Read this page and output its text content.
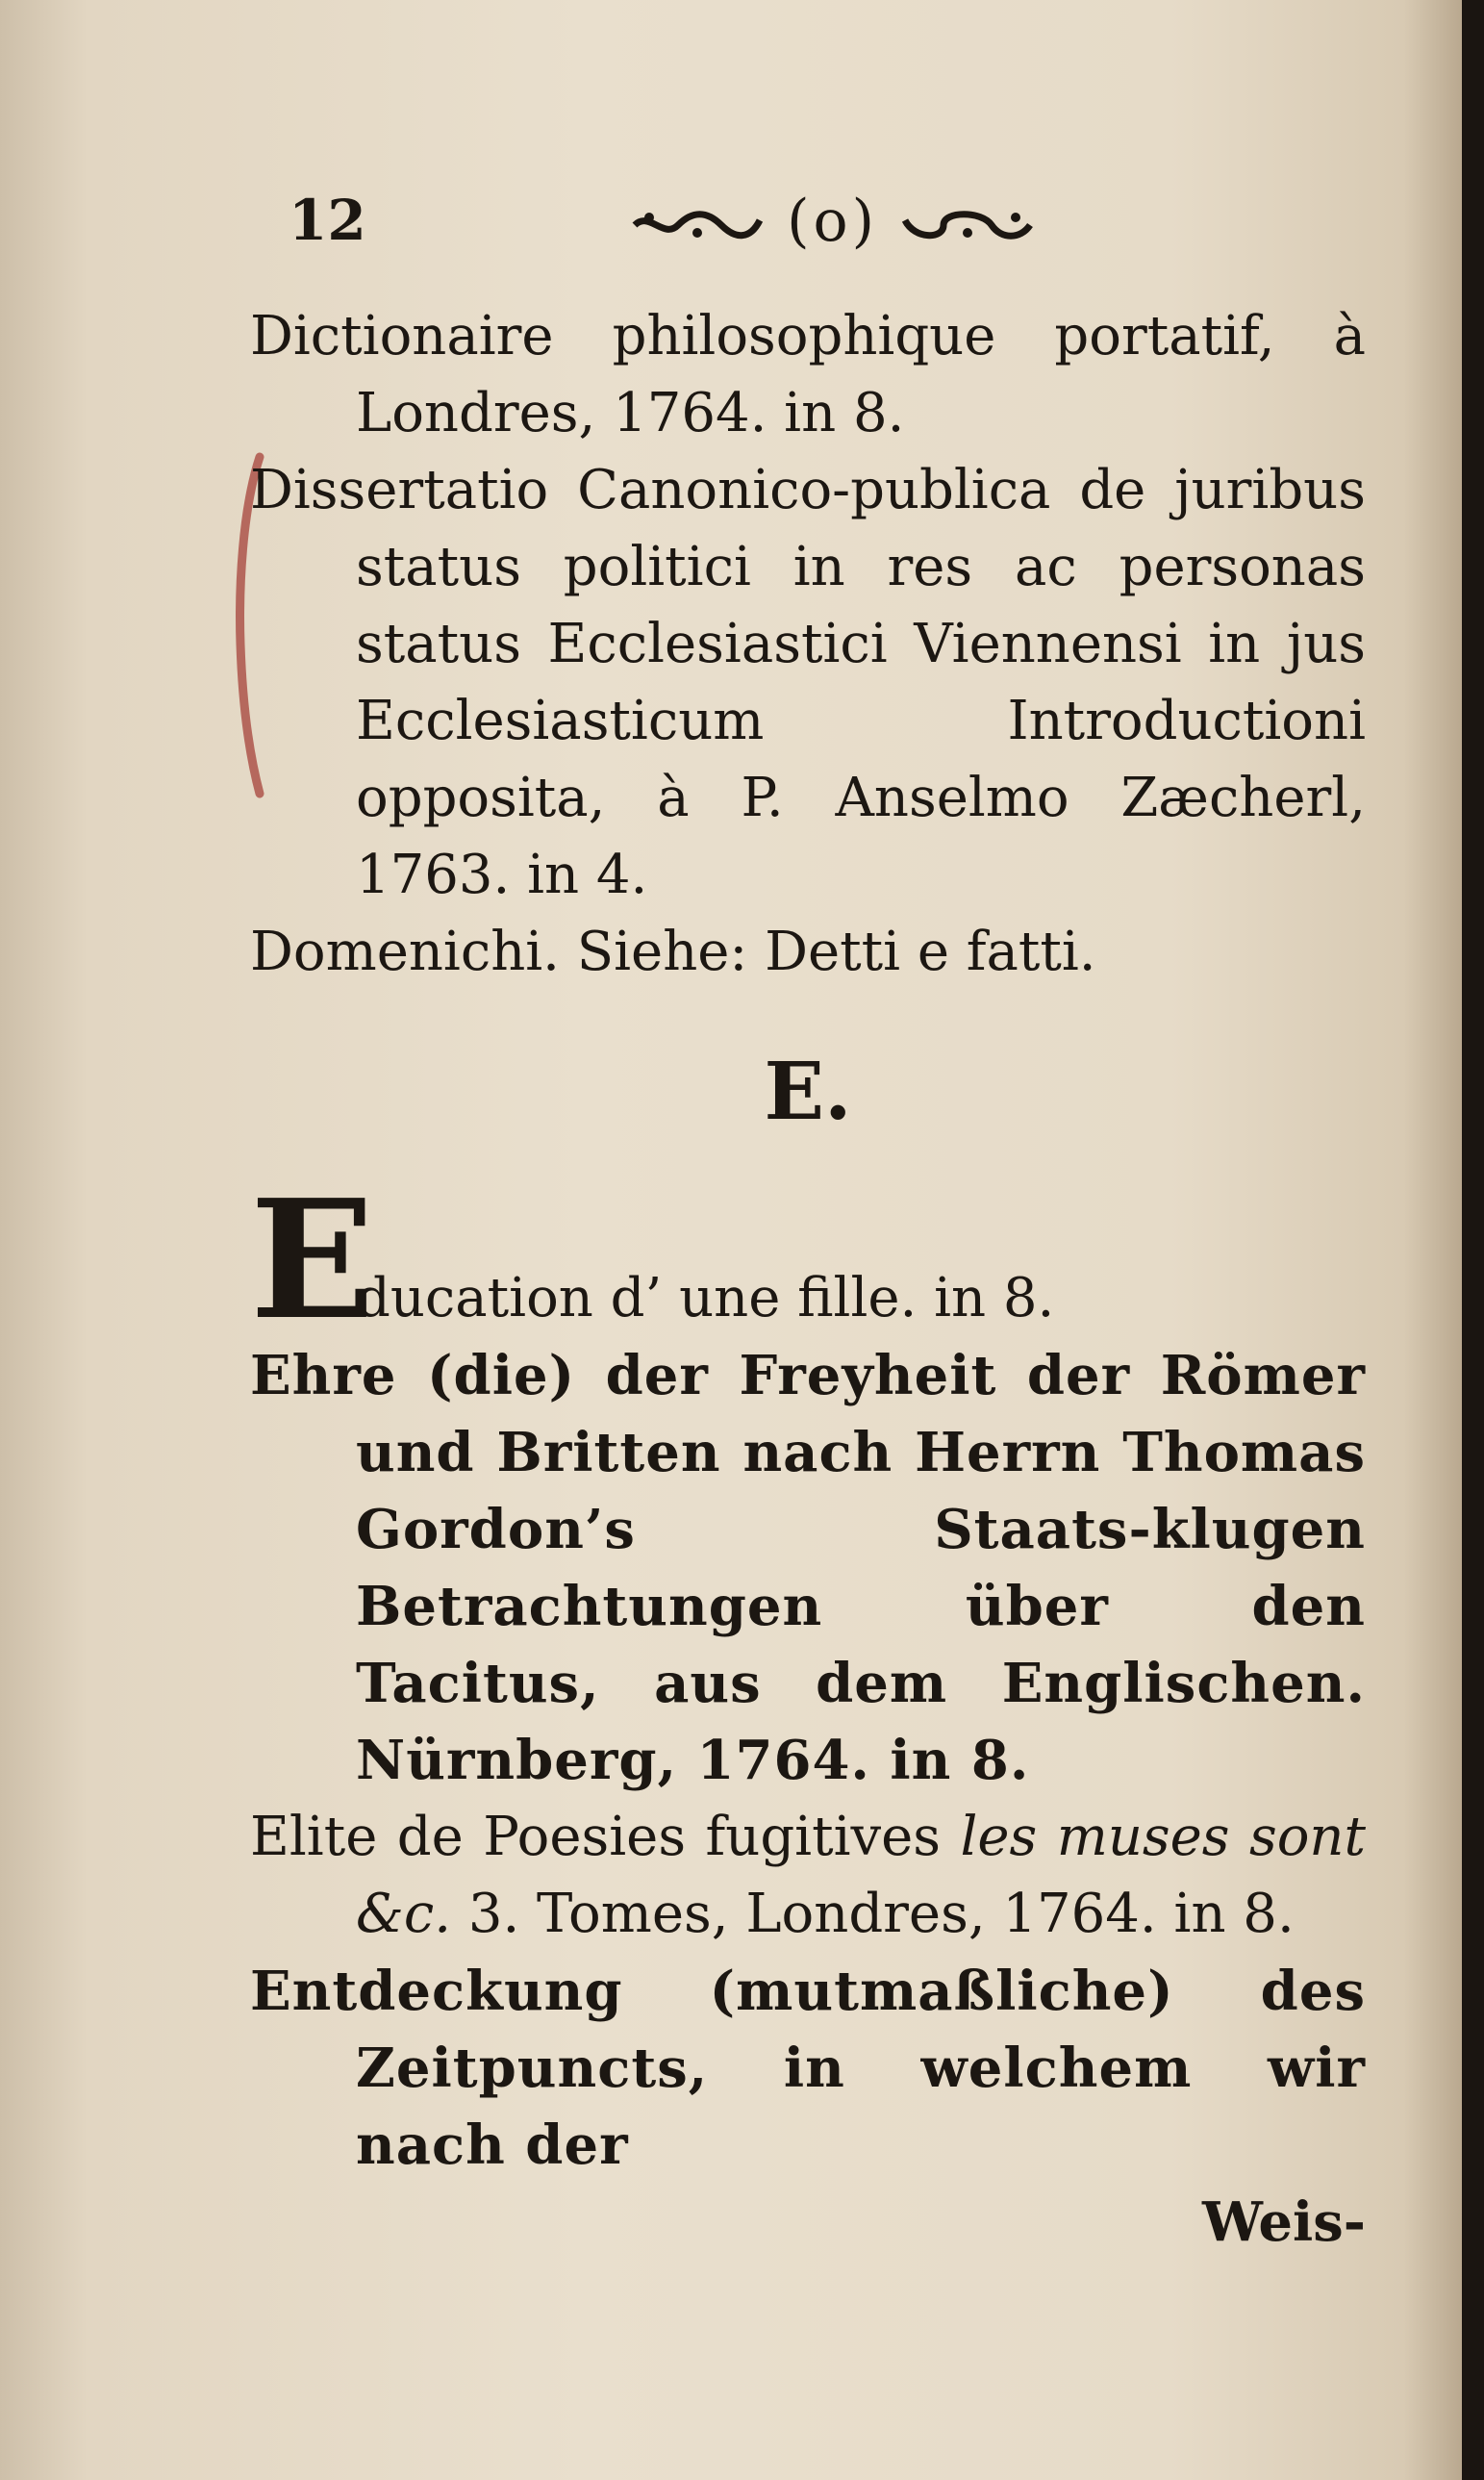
12	(o)

Dictionaire philosophique portatif, à Londres, 1764. in 8.

Dissertatio Canonico-publica de juribus status politici in res ac personas status Ecclesiastici Viennensi in jus Ecclesiasticum Introductioni opposita, à P. Anselmo Zæcherl, 1763. in 4.

Domenichi. Siehe: Detti e fatti.

E.
E
ducation d’ une fille. in 8.

Ehre (die) der Freyheit der Römer und Britten nach Herrn Thomas Gordon’s Staats-klugen Betrachtungen über den Tacitus, aus dem Englischen. Nürnberg, 1764. in 8.

Elite de Poesies fugitives les muses sont &c. 3. Tomes, Londres, 1764. in 8.

Entdeckung (mutmaßliche) des Zeitpuncts, in welchem wir nach der

Weis-
